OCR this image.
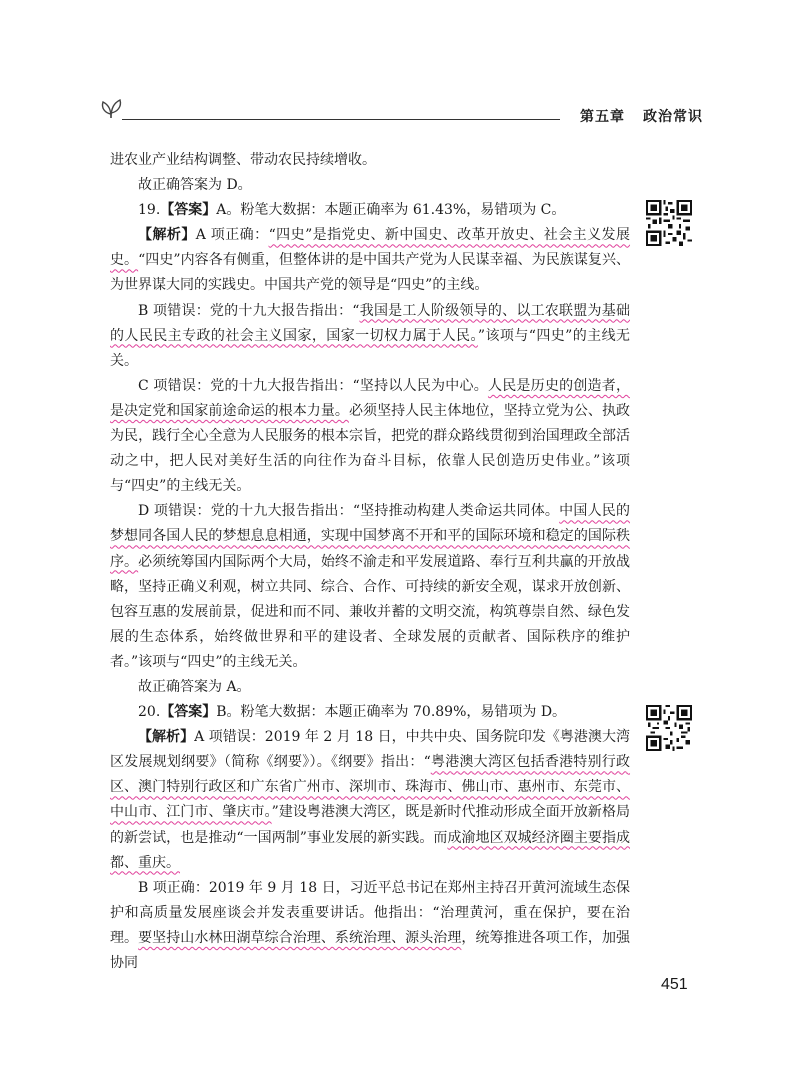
第五章 政治常识

进农业产业结构调整、带动农民持续增收。

故正确答案为 D。

19.【答案】A。粉笔大数据：本题正确率为 61.43%，易错项为 C。

【解析】A 项正确：“四史”是指党史、新中国史、改革开放史、社会主义发展史。“四史”内容各有侧重，但整体讲的是中国共产党为人民谋幸福、为民族谋复兴、为世界谋大同的实践史。中国共产党的领导是“四史”的主线。

B 项错误：党的十九大报告指出：“我国是工人阶级领导的、以工农联盟为基础的人民民主专政的社会主义国家，国家一切权力属于人民。”该项与“四史”的主线无关。

C 项错误：党的十九大报告指出：“坚持以人民为中心。人民是历史的创造者，是决定党和国家前途命运的根本力量。必须坚持人民主体地位，坚持立党为公、执政为民，践行全心全意为人民服务的根本宗旨，把党的群众路线贯彻到治国理政全部活动之中，把人民对美好生活的向往作为奋斗目标，依靠人民创造历史伟业。”该项与“四史”的主线无关。

D 项错误：党的十九大报告指出：“坚持推动构建人类命运共同体。中国人民的梦想同各国人民的梦想息息相通，实现中国梦离不开和平的国际环境和稳定的国际秩序。必须统筹国内国际两个大局，始终不渝走和平发展道路、奉行互利共赢的开放战略，坚持正确义利观，树立共同、综合、合作、可持续的新安全观，谋求开放创新、包容互惠的发展前景，促进和而不同、兼收并蓄的文明交流，构筑尊崇自然、绿色发展的生态体系，始终做世界和平的建设者、全球发展的贡献者、国际秩序的维护者。”该项与“四史”的主线无关。

故正确答案为 A。

20.【答案】B。粉笔大数据：本题正确率为 70.89%，易错项为 D。

【解析】A 项错误：2019 年 2 月 18 日，中共中央、国务院印发《粤港澳大湾区发展规划纲要》（简称《纲要》）。《纲要》指出：“粤港澳大湾区包括香港特别行政区、澳门特别行政区和广东省广州市、深圳市、珠海市、佛山市、惠州市、东莞市、中山市、江门市、肇庆市。”建设粤港澳大湾区，既是新时代推动形成全面开放新格局的新尝试，也是推动“一国两制”事业发展的新实践。而成渝地区双城经济圈主要指成都、重庆。

B 项正确：2019 年 9 月 18 日，习近平总书记在郑州主持召开黄河流域生态保护和高质量发展座谈会并发表重要讲话。他指出：“治理黄河，重在保护，要在治理。要坚持山水林田湖草综合治理、系统治理、源头治理，统筹推进各项工作，加强协同

451
